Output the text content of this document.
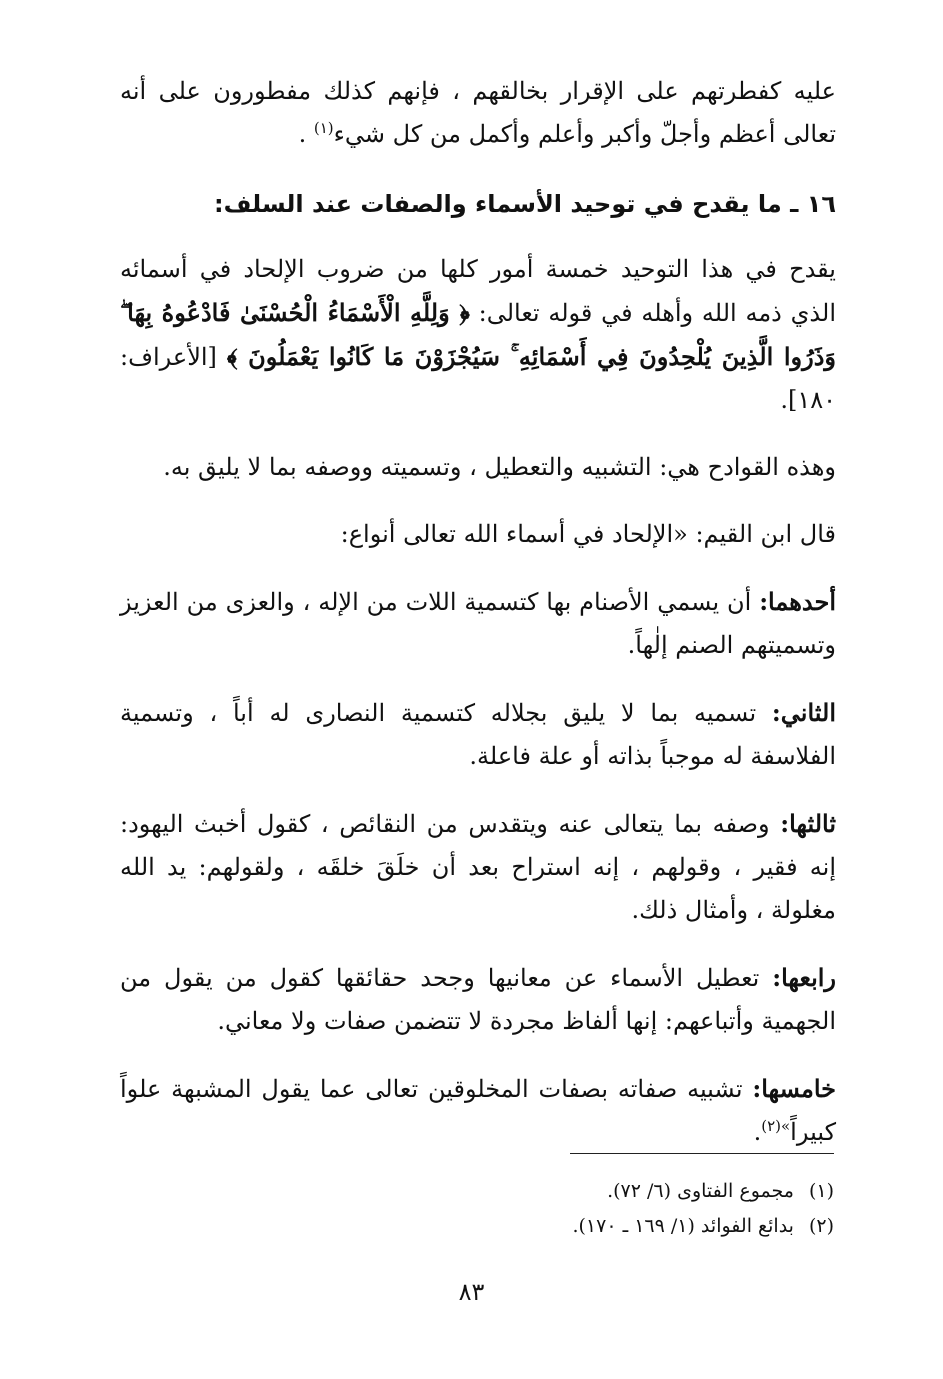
عليه كفطرتهم على الإقرار بخالقهم ، فإنهم كذلك مفطورون على أنه تعالى أعظم وأجلّ وأكبر وأعلم وأكمل من كل شيء$^{(١)}$ .

١٦ ـ ما يقدح في توحيد الأسماء والصفات عند السلف:

يقدح في هذا التوحيد خمسة أمور كلها من ضروب الإلحاد في أسمائه الذي ذمه الله وأهله في قوله تعالى: ﴿ وَلِلَّهِ الْأَسْمَاءُ الْحُسْنَىٰ فَادْعُوهُ بِهَا ۖ وَذَرُوا الَّذِينَ يُلْحِدُونَ فِي أَسْمَائِهِ ۚ سَيُجْزَوْنَ مَا كَانُوا يَعْمَلُونَ ﴾ [الأعراف: ١٨٠].

وهذه القوادح هي: التشبيه والتعطيل ، وتسميته ووصفه بما لا يليق به.

قال ابن القيم: «الإلحاد في أسماء الله تعالى أنواع:

أحدهما: أن يسمي الأصنام بها كتسمية اللات من الإله ، والعزى من العزيز وتسميتهم الصنم إلٰهاً.

الثاني: تسميه بما لا يليق بجلاله كتسمية النصارى له أباً ، وتسمية الفلاسفة له موجباً بذاته أو علة فاعلة.

ثالثها: وصفه بما يتعالى عنه ويتقدس من النقائص ، كقول أخبث اليهود: إنه فقير ، وقولهم ، إنه استراح بعد أن خلَقَ خلقَه ، ولقولهم: يد الله مغلولة ، وأمثال ذلك.

رابعها: تعطيل الأسماء عن معانيها وجحد حقائقها كقول من يقول من الجهمية وأتباعهم: إنها ألفاظ مجردة لا تتضمن صفات ولا معاني.

خامسها: تشبيه صفاته بصفات المخلوقين تعالى عما يقول المشبهة علواً كبيراً$^{»(٢)}$.

(١) مجموع الفتاوى (٦/ ٧٢).
(٢) بدائع الفوائد (١/ ١٦٩ ـ ١٧٠).
٨٣
